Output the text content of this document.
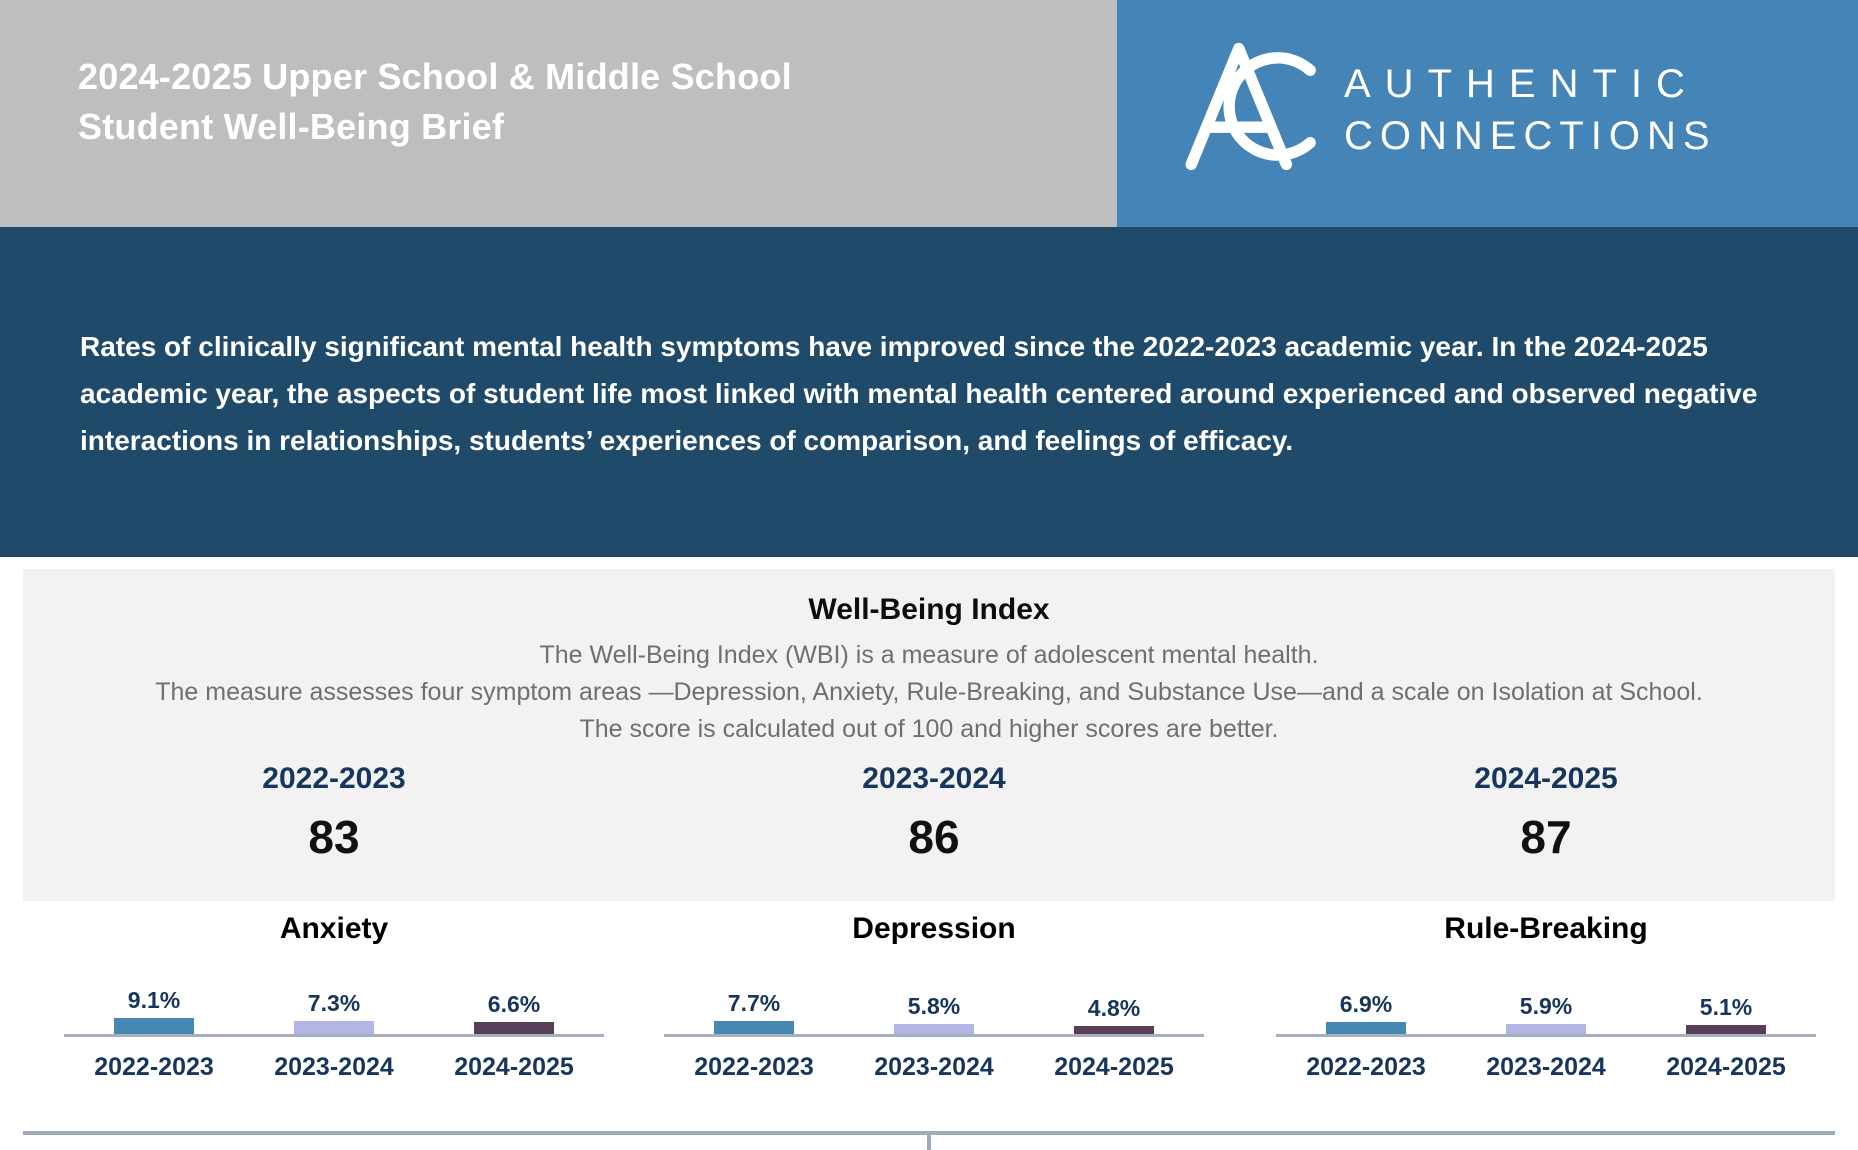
2024-2025 Upper School & Middle School
Student Well-Being Brief
AUTHENTIC
CONNECTIONS
Rates of clinically significant mental health symptoms have improved since the 2022-2023 academic year. In the 2024-2025 academic year, the aspects of student life most linked with mental health centered around experienced and observed negative interactions in relationships, students’ experiences of comparison, and feelings of efficacy.
Well-Being Index
The Well-Being Index (WBI) is a measure of adolescent mental health.
The measure assesses four symptom areas —Depression, Anxiety, Rule-Breaking, and Substance Use—and a scale on Isolation at School.
The score is calculated out of 100 and higher scores are better.
2022-2023
83
2023-2024
86
2024-2025
87
Anxiety
9.1%	7.3%	6.6%
2022-2023	2023-2024	2024-2025
Depression
7.7%	5.8%	4.8%
2022-2023	2023-2024	2024-2025
Rule-Breaking
6.9%	5.9%	5.1%
2022-2023	2023-2024	2024-2025
